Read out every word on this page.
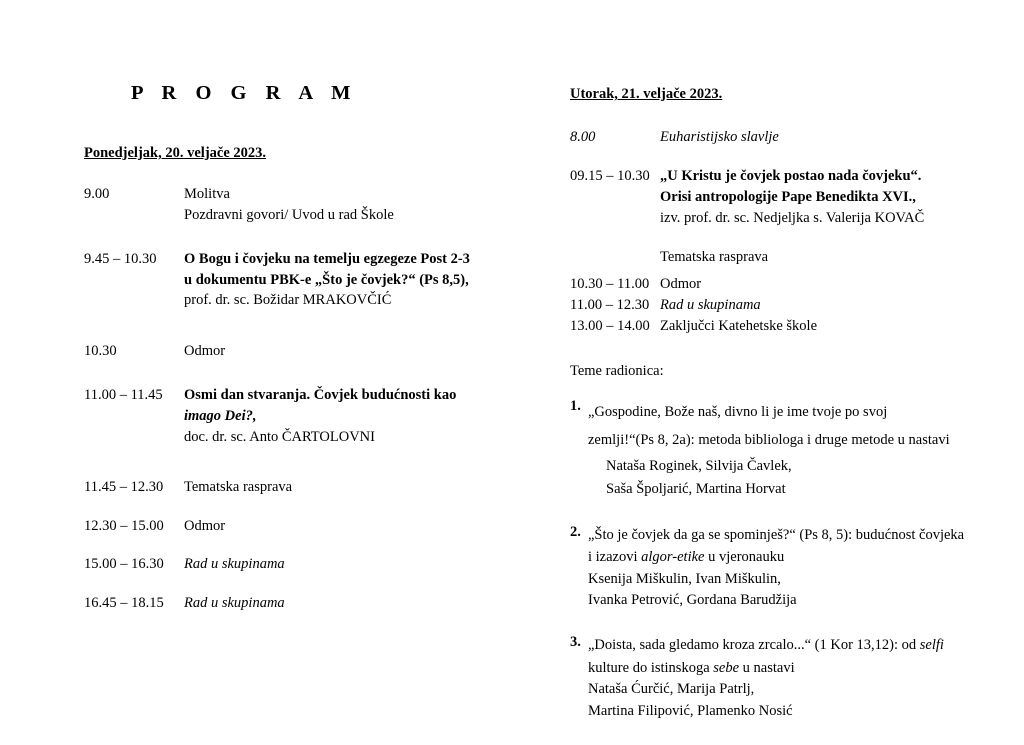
P R O G R A M
Ponedjeljak, 20. veljače 2023.
9.00	Molitva
Pozdravni govori/ Uvod u rad Škole
9.45 – 10.30	O Bogu i čovjeku na temelju egzegeze Post 2-3
u dokumentu PBK-e „Što je čovjek?“ (Ps 8,5),
prof. dr. sc. Božidar MRAKOVČIĆ
10.30	Odmor
11.00 – 11.45	Osmi dan stvaranja. Čovjek budućnosti kao
imago Dei?,
doc. dr. sc. Anto ČARTOLOVNI
11.45 – 12.30	Tematska rasprava
12.30 – 15.00	Odmor
15.00 – 16.30	Rad u skupinama
16.45 – 18.15	Rad u skupinama
Utorak, 21. veljače 2023.
8.00	Euharistijsko slavlje
09.15 – 10.30 „U Kristu je čovjek postao nada čovjeku“.
Orisi antropologije Pape Benedikta XVI.,
izv. prof. dr. sc. Nedjeljka s. Valerija KOVAČ
Tematska rasprava
10.30 – 11.00 Odmor
11.00 – 12.30 Rad u skupinama
13.00 – 14.00 Zaključci Katehetske škole
Teme radionica:
1. „Gospodine, Bože naš, divno li je ime tvoje po svoj
zemlji!“(Ps 8, 2a): metoda bibliologa i druge metode u nastavi
Nataša Roginek, Silvija Čavlek,
Saša Špoljarić, Martina Horvat
2. „Što je čovjek da ga se spominješ?“ (Ps 8, 5): budućnost čovjeka
i izazovi algor-etike u vjeronauku
Ksenija Miškulin, Ivan Miškulin,
Ivanka Petrović, Gordana Barudžija
3. „Doista, sada gledamo kroza zrcalo...“ (1 Kor 13,12): od selfi
kulture do istinskoga sebe u nastavi
Nataša Ćurčić, Marija Patrlj,
Martina Filipović, Plamenko Nosić
